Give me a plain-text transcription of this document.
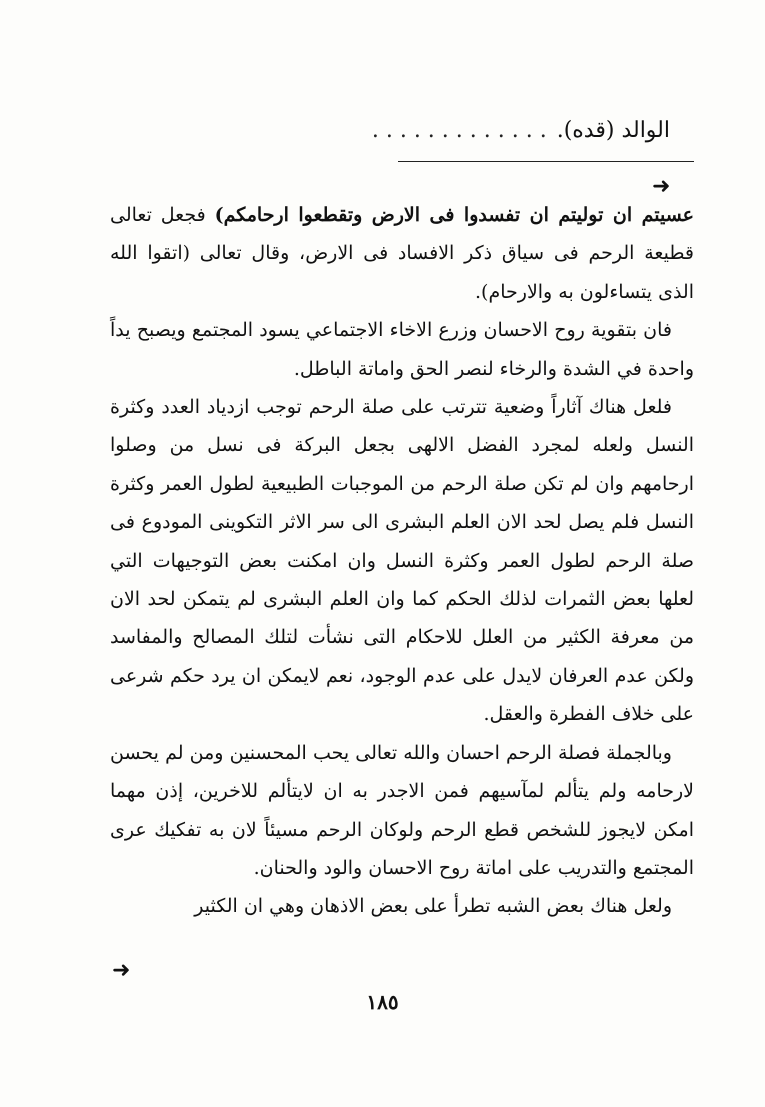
الوالد (قده).
. . . . . . . . . . . . .
➜

عسيتم ان توليتم ان تفسدوا فى الارض وتقطعوا ارحامكم) فجعل تعالى قطيعة الرحم فى سياق ذكر الافساد فى الارض، وقال تعالى (اتقوا الله الذى يتساءلون به والارحام).

فان بتقوية روح الاحسان وزرع الاخاء الاجتماعي يسود المجتمع ويصبح يداً واحدة في الشدة والرخاء لنصر الحق واماتة الباطل.

فلعل هناك آثاراً وضعية تترتب على صلة الرحم توجب ازدياد العدد وكثرة النسل ولعله لمجرد الفضل الالهى بجعل البركة فى نسل من وصلوا ارحامهم وان لم تكن صلة الرحم من الموجبات الطبيعية لطول العمر وكثرة النسل فلم يصل لحد الان العلم البشرى الى سر الاثر التكوينى المودوع فى صلة الرحم لطول العمر وكثرة النسل وان امكنت بعض التوجيهات التي لعلها بعض الثمرات لذلك الحكم كما وان العلم البشرى لم يتمكن لحد الان من معرفة الكثير من العلل للاحكام التى نشأت لتلك المصالح والمفاسد ولكن عدم العرفان لايدل على عدم الوجود، نعم لايمكن ان يرد حكم شرعى على خلاف الفطرة والعقل.

وبالجملة فصلة الرحم احسان والله تعالى يحب المحسنين ومن لم يحسن لارحامه ولم يتألم لمآسيهم فمن الاجدر به ان لايتألم للاخرين، إذن مهما امكن لايجوز للشخص قطع الرحم ولوكان الرحم مسيئاً لان به تفكيك عرى المجتمع والتدريب على اماتة روح الاحسان والود والحنان.

ولعل هناك بعض الشبه تطرأ على بعض الاذهان وهي ان الكثير

➜
١٨٥
